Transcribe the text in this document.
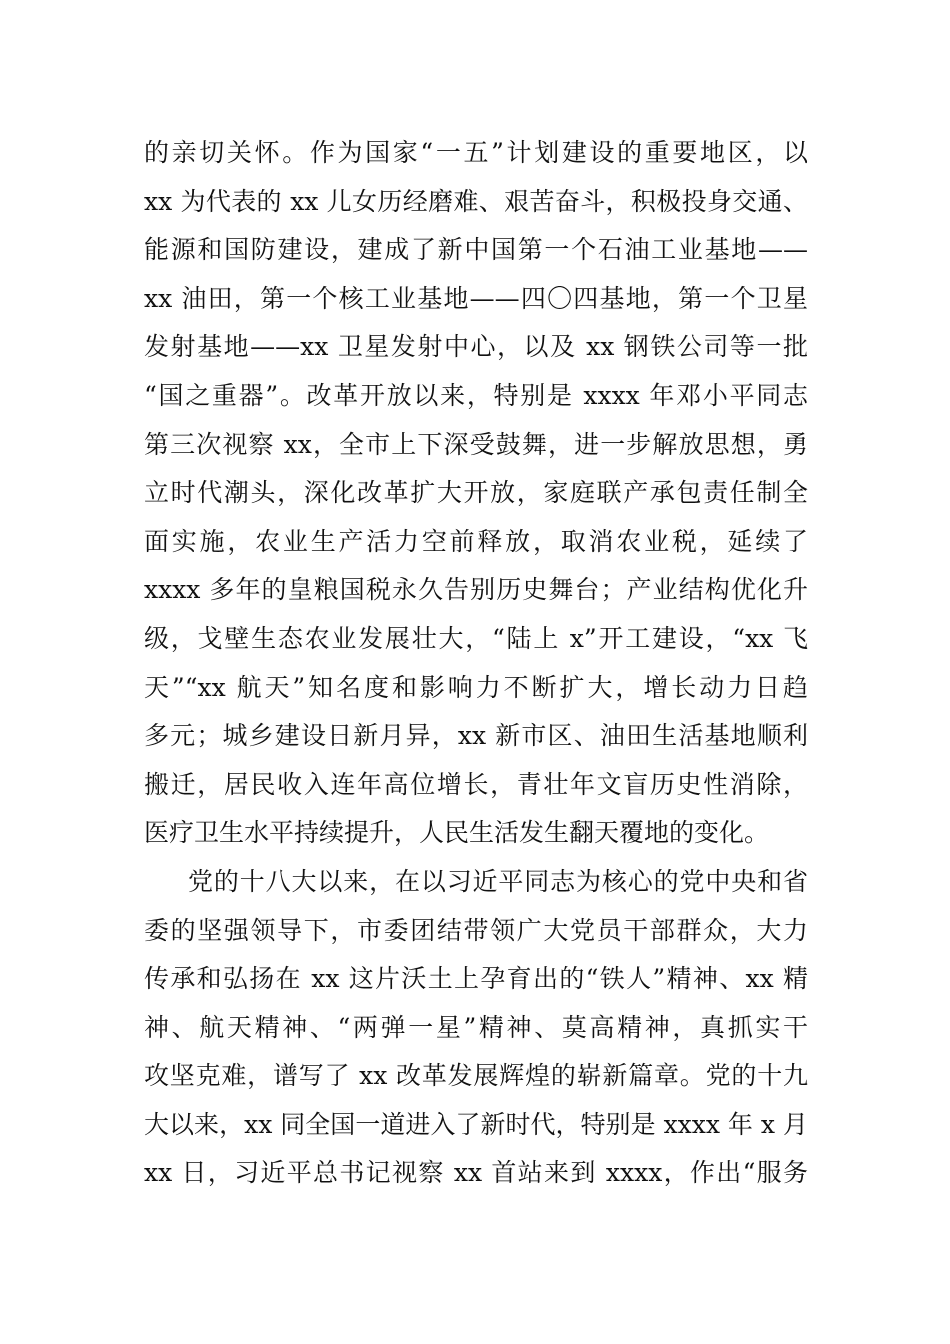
的亲切关怀。作为国家“一五”计划建设的重要地区，以
xx 为代表的 xx 儿女历经磨难、艰苦奋斗，积极投身交通、
能源和国防建设，建成了新中国第一个石油工业基地——
xx 油田，第一个核工业基地——四〇四基地，第一个卫星
发射基地——xx 卫星发射中心，以及 xx 钢铁公司等一批
“国之重器”。改革开放以来，特别是 xxxx 年邓小平同志
第三次视察 xx，全市上下深受鼓舞，进一步解放思想，勇
立时代潮头，深化改革扩大开放，家庭联产承包责任制全
面实施，农业生产活力空前释放，取消农业税，延续了
xxxx 多年的皇粮国税永久告别历史舞台；产业结构优化升
级，戈壁生态农业发展壮大，“陆上 x”开工建设，“xx 飞
天”“xx 航天”知名度和影响力不断扩大，增长动力日趋
多元；城乡建设日新月异，xx 新市区、油田生活基地顺利
搬迁，居民收入连年高位增长，青壮年文盲历史性消除，
医疗卫生水平持续提升，人民生活发生翻天覆地的变化。
党的十八大以来，在以习近平同志为核心的党中央和省
委的坚强领导下，市委团结带领广大党员干部群众，大力
传承和弘扬在 xx 这片沃土上孕育出的“铁人”精神、xx 精
神、航天精神、“两弹一星”精神、莫高精神，真抓实干
攻坚克难，谱写了 xx 改革发展辉煌的崭新篇章。党的十九
大以来，xx 同全国一道进入了新时代，特别是 xxxx 年 x 月
xx 日，习近平总书记视察 xx 首站来到 xxxx，作出“服务
